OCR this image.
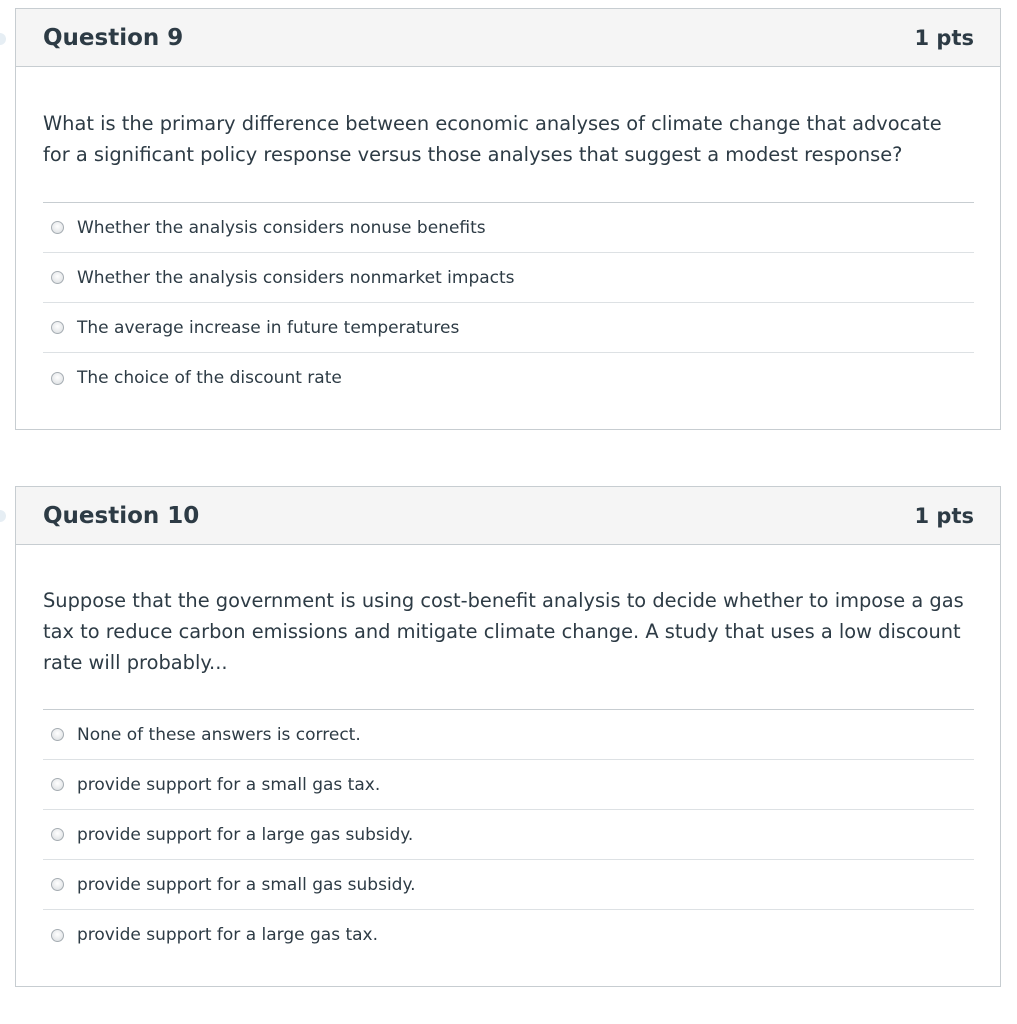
Question 9	1 pts

What is the primary difference between economic analyses of climate change that advocate for a significant policy response versus those analyses that suggest a modest response?

Whether the analysis considers nonuse benefits
Whether the analysis considers nonmarket impacts
The average increase in future temperatures
The choice of the discount rate
Question 10	1 pts

Suppose that the government is using cost-benefit analysis to decide whether to impose a gas tax to reduce carbon emissions and mitigate climate change. A study that uses a low discount rate will probably...

None of these answers is correct.
provide support for a small gas tax.
provide support for a large gas subsidy.
provide support for a small gas subsidy.
provide support for a large gas tax.
